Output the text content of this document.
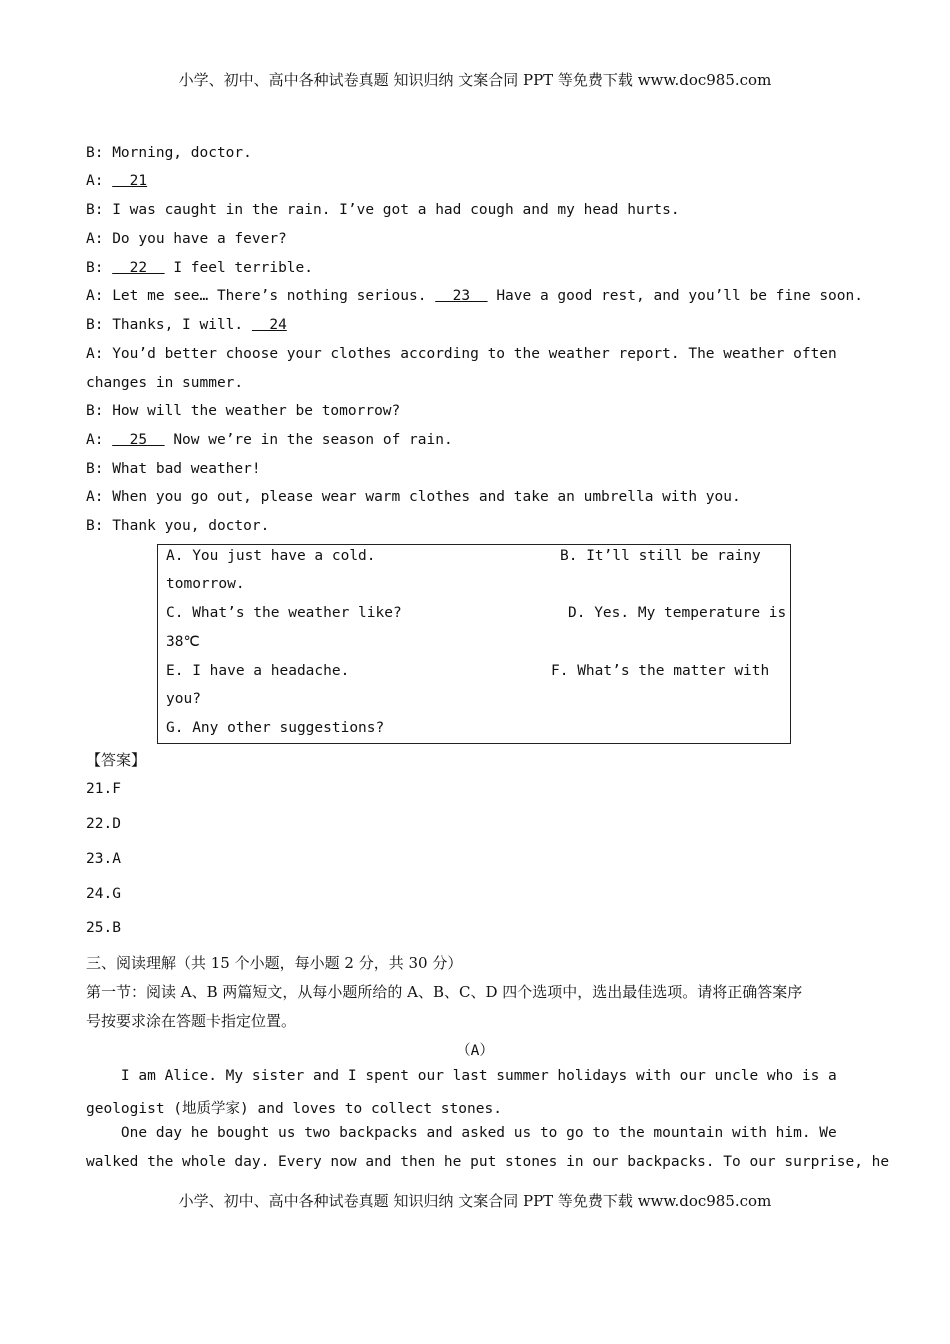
小学、初中、高中各种试卷真题 知识归纳 文案合同 PPT 等免费下载 www.doc985.com
B: Morning, doctor.
A:   21
B: I was caught in the rain. I’ve got a had cough and my head hurts.
A: Do you have a fever?
B:   22   I feel terrible.
A: Let me see… There’s nothing serious.   23   Have a good rest, and you’ll be fine soon.
B: Thanks, I will.   24
A: You’d better choose your clothes according to the weather report. The weather often
changes in summer.
B: How will the weather be tomorrow?
A:   25   Now we’re in the season of rain.
B: What bad weather!
A: When you go out, please wear warm clothes and take an umbrella with you.
B: Thank you, doctor.
A. You just have a cold.	B. It’ll still be rainy
tomorrow.
C. What’s the weather like?	D. Yes. My temperature is
38℃
E. I have a headache.	F. What’s the matter with
you?
G. Any other suggestions?
【答案】
21.F
22.D
23.A
24.G
25.B
三、阅读理解（共 15 个小题，每小题 2 分，共 30 分）
第一节：阅读 A、B 两篇短文，从每小题所给的 A、B、C、D 四个选项中，选出最佳选项。请将正确答案序
号按要求涂在答题卡指定位置。
（A）
I am Alice. My sister and I spent our last summer holidays with our uncle who is a
geologist (地质学家) and loves to collect stones.
One day he bought us two backpacks and asked us to go to the mountain with him. We
walked the whole day. Every now and then he put stones in our backpacks. To our surprise, he
小学、初中、高中各种试卷真题 知识归纳 文案合同 PPT 等免费下载 www.doc985.com
